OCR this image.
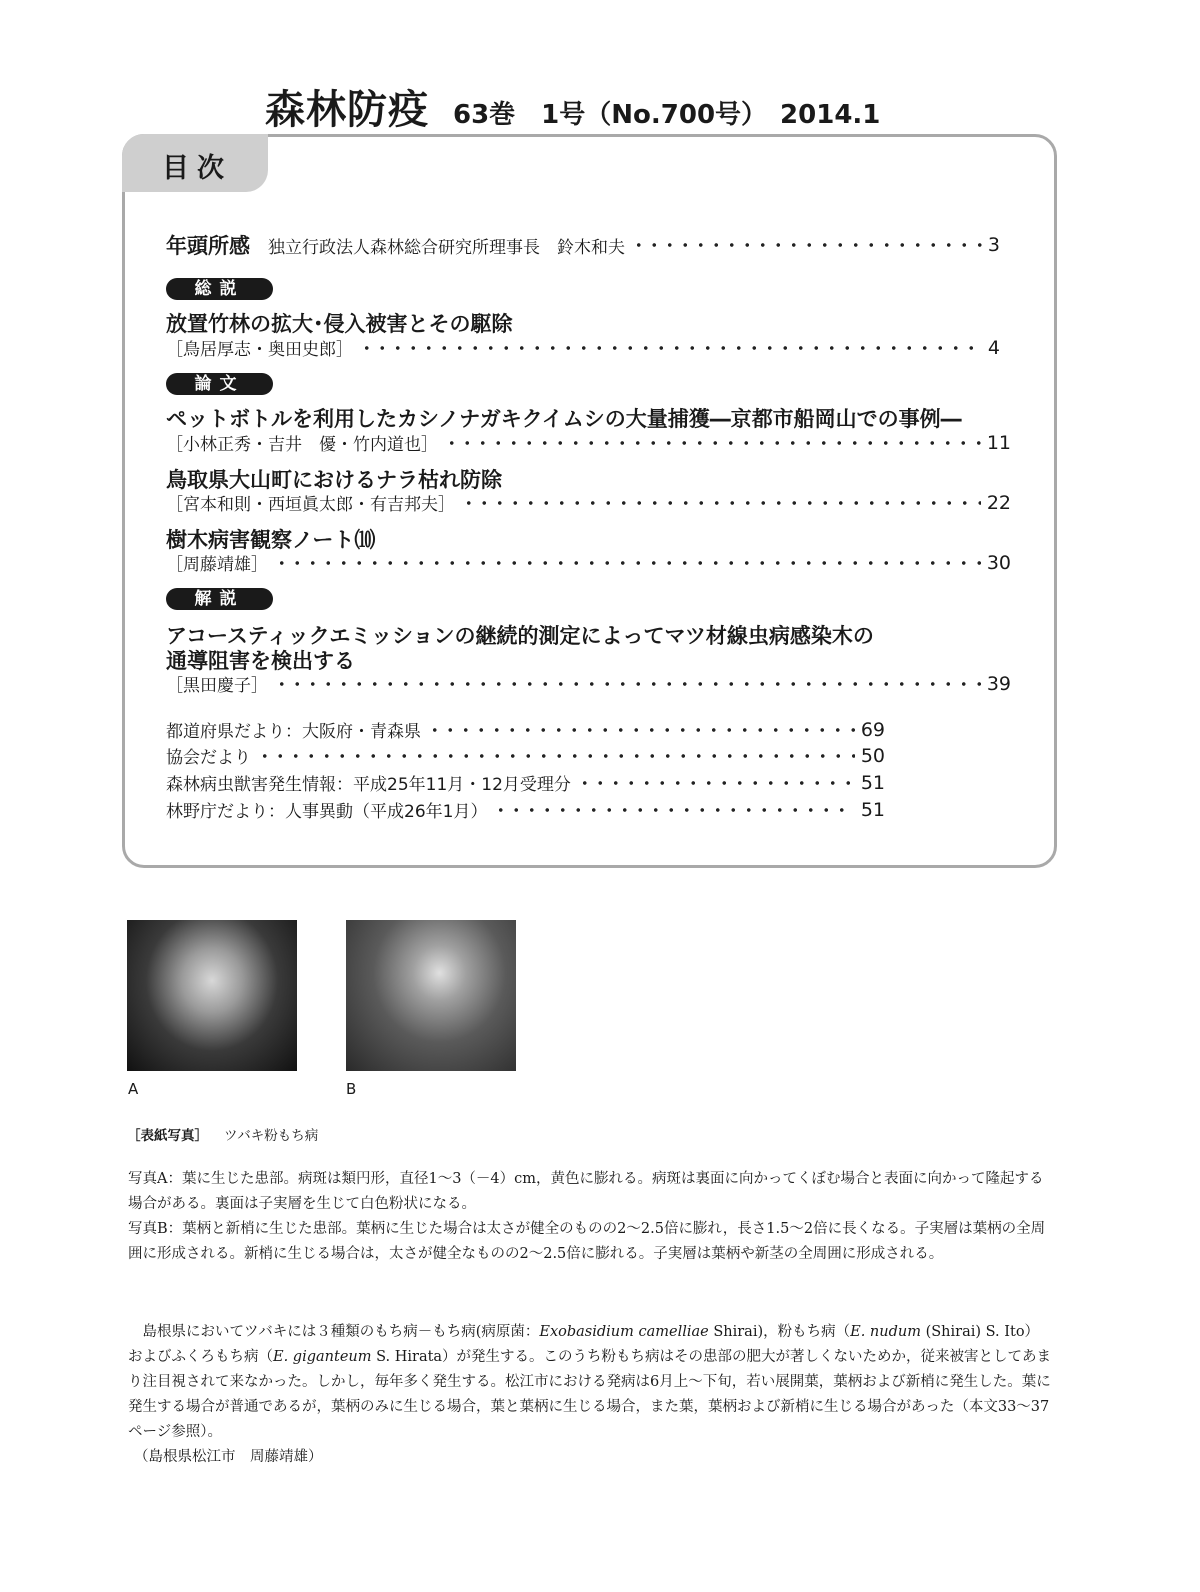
森林防疫 63巻　1号（No.700号）　2014.1
目次
年頭所感 独立行政法人森林総合研究所理事長　鈴木和夫	3
総説
放置竹林の拡大･侵入被害とその駆除
［鳥居厚志・奥田史郎］	4
論文
ペットボトルを利用したカシノナガキクイムシの大量捕獲―京都市船岡山での事例―
［小林正秀・吉井　優・竹内道也］	11
鳥取県大山町におけるナラ枯れ防除
［宮本和則・西垣眞太郎・有吉邦夫］	22
樹木病害観察ノート⑽
［周藤靖雄］	30
解説
アコースティックエミッションの継続的測定によってマツ材線虫病感染木の
通導阻害を検出する
［黒田慶子］	39
都道府県だより：大阪府・青森県	69
協会だより	50
森林病虫獣害発生情報：平成25年11月・12月受理分	51
林野庁だより：人事異動（平成26年1月）	51
A	B
［表紙写真］ ツバキ粉もち病
写真A：葉に生じた患部。病斑は類円形，直径1～3（－4）cm，黄色に膨れる。病斑は裏面に向かってくぼむ場合と表面に向かって隆起する場合がある。裏面は子実層を生じて白色粉状になる。
写真B：葉柄と新梢に生じた患部。葉柄に生じた場合は太さが健全のものの2～2.5倍に膨れ，長さ1.5～2倍に長くなる。子実層は葉柄の全周囲に形成される。新梢に生じる場合は，太さが健全なものの2～2.5倍に膨れる。子実層は葉柄や新茎の全周囲に形成される。

島根県においてツバキには３種類のもち病－もち病(病原菌：Exobasidium camelliae Shirai)，粉もち病（E. nudum (Shirai) S. Ito）およびふくろもち病（E. giganteum S. Hirata）が発生する。このうち粉もち病はその患部の肥大が著しくないためか，従来被害としてあまり注目視されて来なかった。しかし，毎年多く発生する。松江市における発病は6月上～下旬，若い展開葉，葉柄および新梢に発生した。葉に発生する場合が普通であるが，葉柄のみに生じる場合，葉と葉柄に生じる場合，また葉，葉柄および新梢に生じる場合があった（本文33～37ページ参照）。

（島根県松江市　周藤靖雄）
